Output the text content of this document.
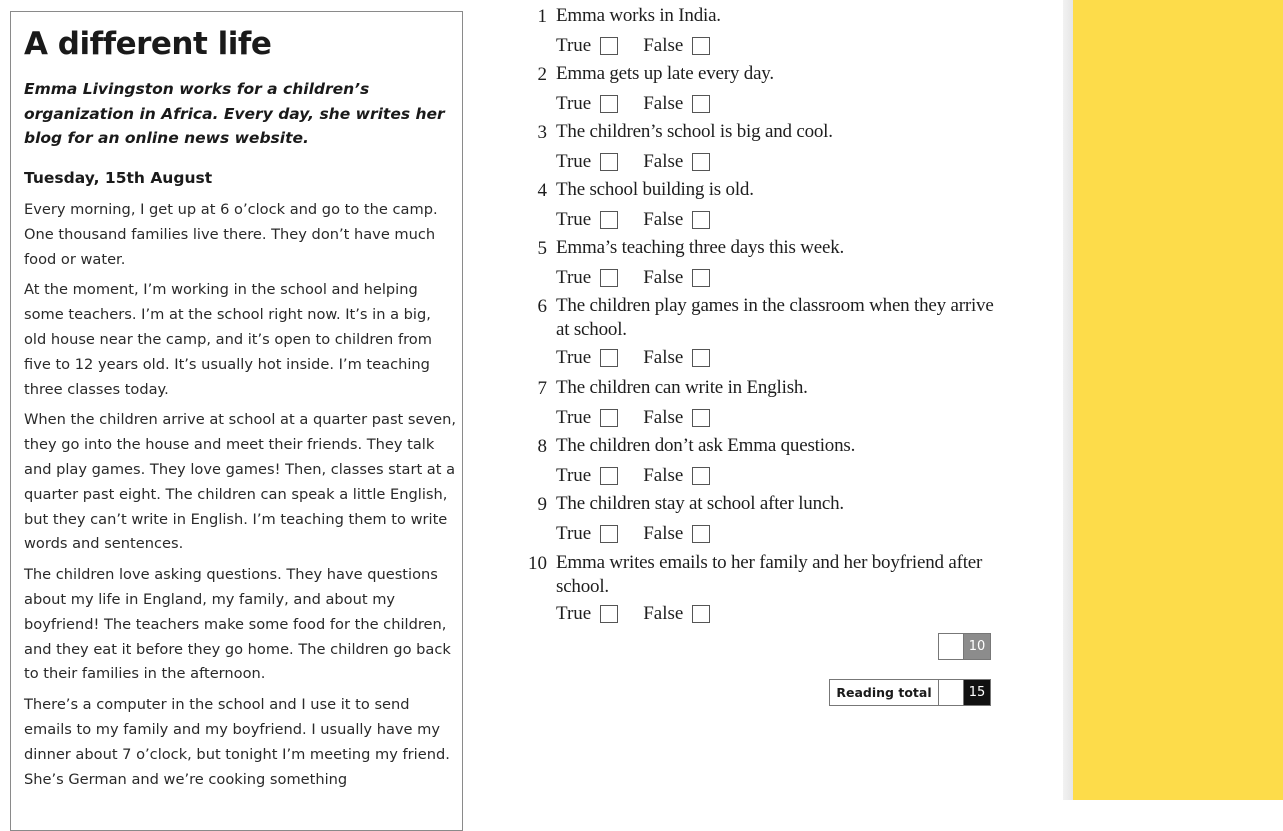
A different life

Emma Livingston works for a children’s organization in Africa. Every day, she writes her blog for an online news website.

Tuesday, 15th August

Every morning, I get up at 6 o’clock and go to the camp. One thousand families live there. They don’t have much food or water.

At the moment, I’m working in the school and helping some teachers. I’m at the school right now. It’s in a big, old house near the camp, and it’s open to children from five to 12 years old. It’s usually hot inside. I’m teaching three classes today.

When the children arrive at school at a quarter past seven, they go into the house and meet their friends. They talk and play games. They love games! Then, classes start at a quarter past eight. The children can speak a little English, but they can’t write in English. I’m teaching them to write words and sentences.

The children love asking questions. They have questions about my life in England, my family, and about my boyfriend! The teachers make some food for the children, and they eat it before they go home. The children go back to their families in the afternoon.

There’s a computer in the school and I use it to send emails to my family and my boyfriend. I usually have my dinner about 7 o’clock, but tonight I’m meeting my friend. She’s German and we’re cooking something

1 Emma works in India.
True	False
2 Emma gets up late every day.
True	False
3 The children’s school is big and cool.
True	False
4 The school building is old.
True	False
5 Emma’s teaching three days this week.
True	False
6 The children play games in the classroom when they arrive at school.
True	False
7 The children can write in English.
True	False
8 The children don’t ask Emma questions.
True	False
9 The children stay at school after lunch.
True	False
10 Emma writes emails to her family and her boyfriend after school.
True	False
10
Reading total	15
